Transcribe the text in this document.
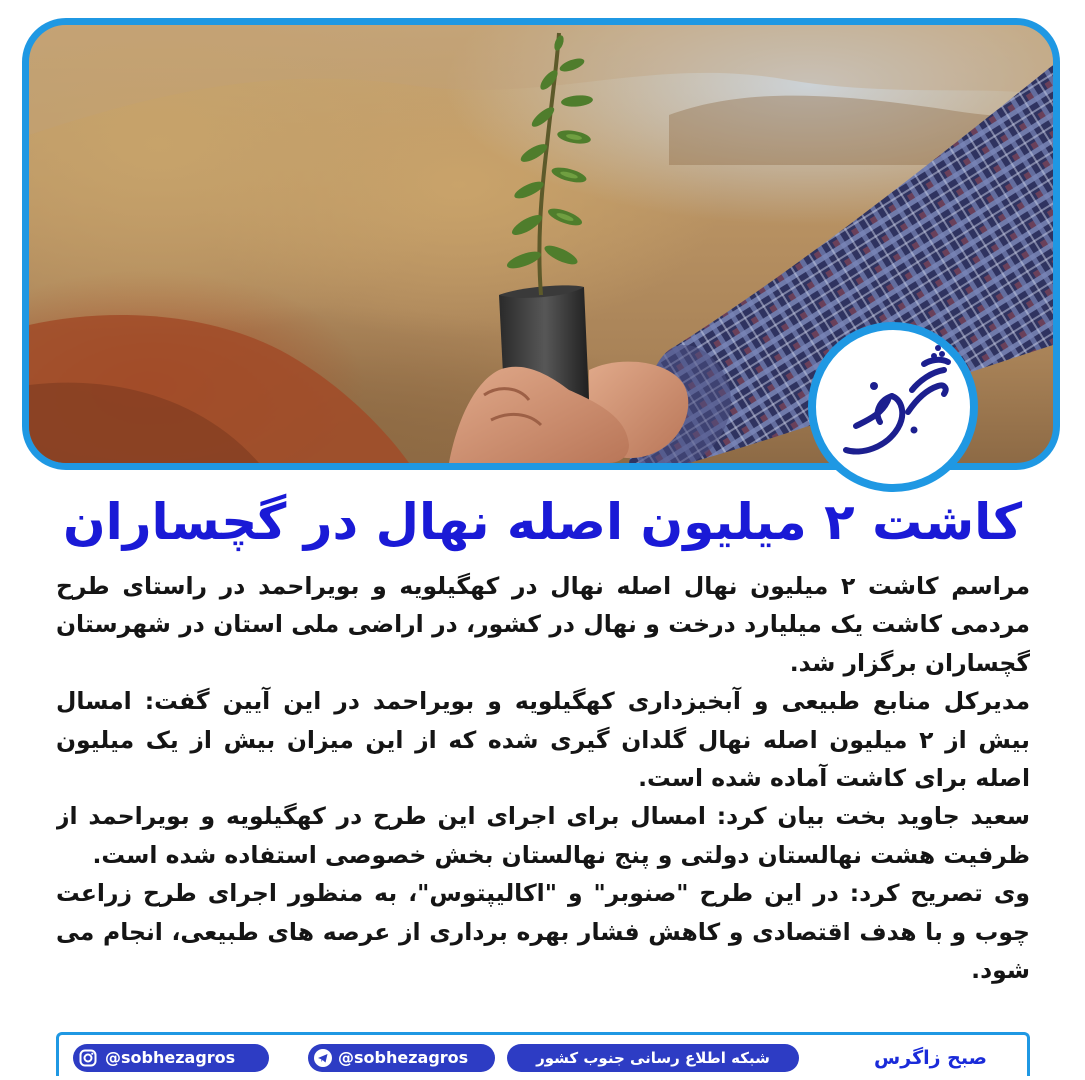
کاشت ۲ میلیون اصله نهال در گچساران

مراسم کاشت ۲ میلیون نهال اصله نهال در کهگیلویه و بویراحمد در راستای طرح مردمی کاشت یک میلیارد درخت و نهال در کشور، در اراضی ملی استان در شهرستان گچساران برگزار شد.

مدیرکل منابع طبیعی و آبخیزداری کهگیلویه و بویراحمد در این آیین گفت: امسال بیش از ۲ میلیون اصله نهال گلدان گیری شده که از این میزان بیش از یک میلیون اصله برای کاشت آماده شده است.

سعید جاوید بخت بیان کرد: امسال برای اجرای این طرح در کهگیلویه و بویراحمد از ظرفیت هشت نهالستان دولتی و پنج نهالستان بخش خصوصی استفاده شده است.

وی تصریح کرد: در این طرح "صنوبر" و "اکالیپتوس"، به منظور اجرای طرح زراعت چوب و با هدف اقتصادی و کاهش فشار بهره برداری از عرصه های طبیعی، انجام می شود.

صبح زاگرس
شبکه اطلاع رسانی جنوب کشور
@sobhezagros
@sobhezagros
